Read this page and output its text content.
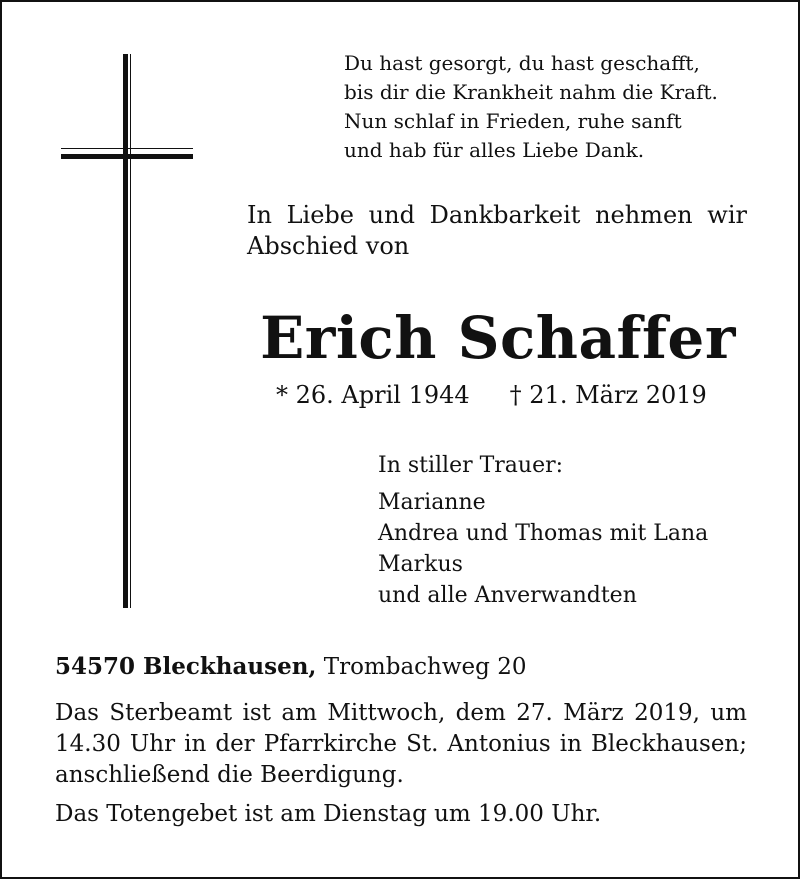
Du hast gesorgt, du hast geschafft,
bis dir die Krankheit nahm die Kraft.
Nun schlaf in Frieden, ruhe sanft
und hab für alles Liebe Dank.
In Liebe und Dankbarkeit nehmen wir
Abschied von
Erich Schaffer
* 26. April 1944 † 21. März 2019
In stiller Trauer:
Marianne
Andrea und Thomas mit Lana
Markus
und alle Anverwandten
54570 Bleckhausen, Trombachweg 20
Das Sterbeamt ist am Mittwoch, dem 27. März 2019, um 14.30 Uhr in der Pfarrkirche St. Antonius in Bleckhausen; anschließend die Beerdigung.
Das Totengebet ist am Dienstag um 19.00 Uhr.
